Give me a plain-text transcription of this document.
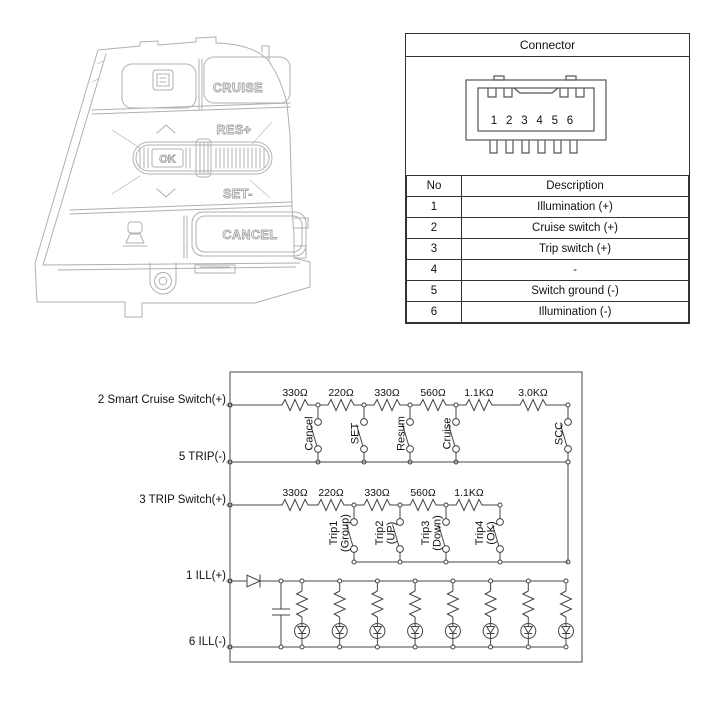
CRUISE
RES+
OK
SET-
CANCEL
2 Smart Cruise Switch(+)
5 TRIP(-)
3 TRIP Switch(+)
1 ILL(+)
6 ILL(-)
330Ω 220Ω 330Ω 560Ω 1.1KΩ 3.0KΩ
Cancel	SET	Resum	Cruise	SCC
330Ω 220Ω 330Ω 560Ω 1.1KΩ
Trip1 (Group) Trip2 (UP) Trip3 (Down)	Trip4 (OK)
Connector
1 2 3 4 5 6
No	Description
1	Illumination (+)
2	Cruise switch (+)
3	Trip switch (+)
4	-
5	Switch ground (-)
6	Illumination (-)
